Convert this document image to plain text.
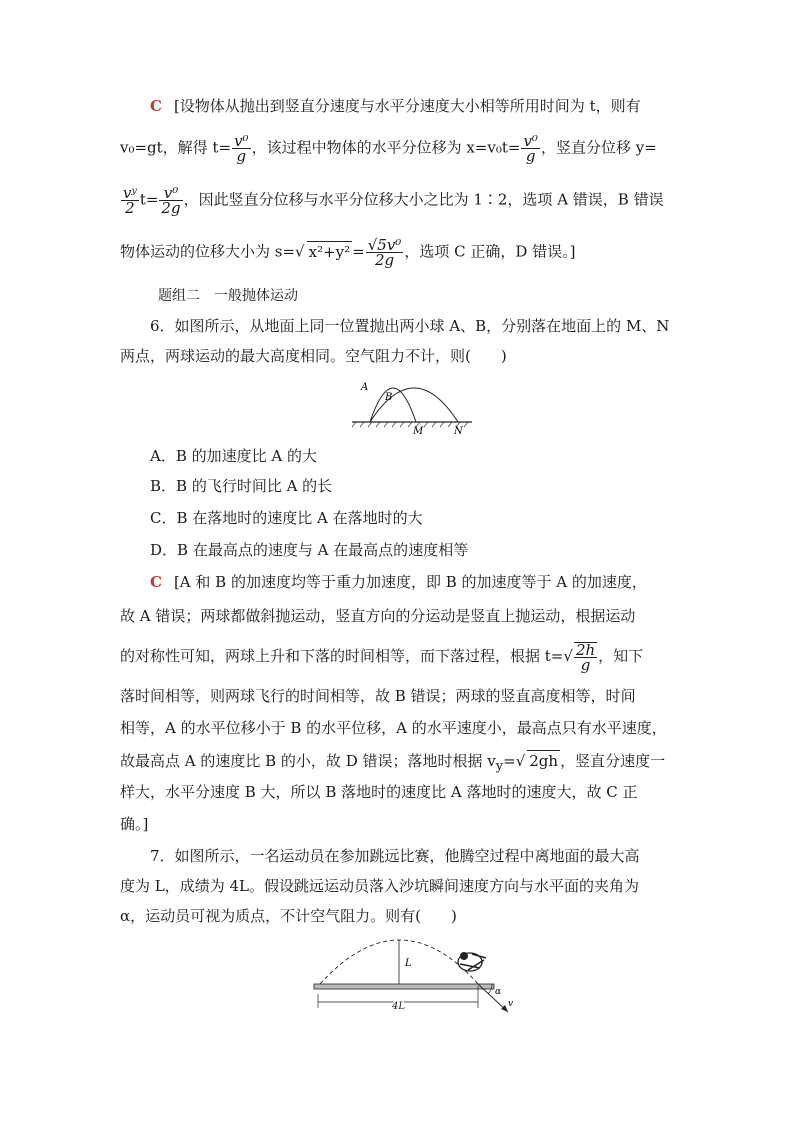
C [设物体从抛出到竖直分速度与水平分速度大小相等所用时间为 t，则有
v₀=gt，解得 $t= \frac{\text{v⁰}}{g}$ ，该过程中物体的水平分位移为 $x=v_0t= \frac{\text{v⁰}}{g}$ ，竖直分位移 y=
$\frac{\text{vʸ}}{2} t= \frac{\text{v⁰}}{2g}$ ，因此竖直分位移与水平分位移大小之比为 1∶2，选项 A 错误，B 错误
物体运动的位移大小为 s=√ $x^2+y^2 = \frac{\text{√5v⁰}}{2g}$ ，选项 C 正确，D 错误。]
题组二　一般抛体运动
6．如图所示，从地面上同一位置抛出两小球 A、B，分别落在地面上的 M、N
两点，两球运动的最大高度相同。空气阻力不计，则(　　)
A
B
M	N
A．B 的加速度比 A 的大
B．B 的飞行时间比 A 的长
C．B 在落地时的速度比 A 在落地时的大
D．B 在最高点的速度与 A 在最高点的速度相等
C [A 和 B 的加速度均等于重力加速度，即 B 的加速度等于 A 的加速度，
故 A 错误；两球都做斜抛运动，竖直方向的分运动是竖直上抛运动，根据运动
的对称性可知，两球上升和下落的时间相等，而下落过程，根据 $t=√ \frac{2h}{g}$ ，知下
落时间相等，则两球飞行的时间相等，故 B 错误；两球的竖直高度相等，时间
相等，A 的水平位移小于 B 的水平位移，A 的水平速度小，最高点只有水平速度，
故最高点 A 的速度比 B 的小，故 D 错误；落地时根据 $v_y=√$ 2gh ，竖直分速度一
样大，水平分速度 B 大，所以 B 落地时的速度比 A 落地时的速度大，故 C 正
确。]
7．如图所示，一名运动员在参加跳远比赛，他腾空过程中离地面的最大高
度为 L，成绩为 4L。假设跳远运动员落入沙坑瞬间速度方向与水平面的夹角为
α，运动员可视为质点，不计空气阻力。则有(　　)
L
4L
α
v
